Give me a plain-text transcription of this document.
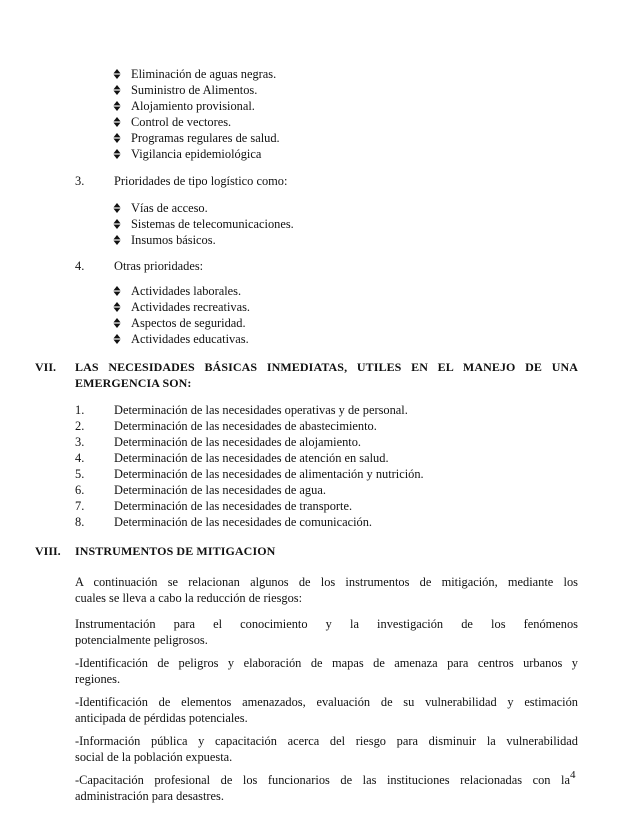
Eliminación de aguas negras.
Suministro de Alimentos.
Alojamiento provisional.
Control de vectores.
Programas regulares de salud.
Vigilancia epidemiológica
3. Prioridades de tipo logístico como:
Vías de acceso.
Sistemas de telecomunicaciones.
Insumos básicos.
4. Otras prioridades:
Actividades laborales.
Actividades recreativas.
Aspectos de seguridad.
Actividades educativas.
VII. LAS NECESIDADES BÁSICAS INMEDIATAS, UTILES EN EL MANEJO DE UNA
EMERGENCIA SON:
1. Determinación de las necesidades operativas y de personal.
2. Determinación de las necesidades de abastecimiento.
3. Determinación de las necesidades de alojamiento.
4. Determinación de las necesidades de atención en salud.
5. Determinación de las necesidades de alimentación y nutrición.
6. Determinación de las necesidades de agua.
7. Determinación de las necesidades de transporte.
8. Determinación de las necesidades de comunicación.
VIII. INSTRUMENTOS DE MITIGACION
A continuación se relacionan algunos de los instrumentos de mitigación, mediante los
cuales se lleva a cabo la reducción de riesgos:
Instrumentación para el conocimiento y la investigación de los fenómenos
potencialmente peligrosos.
-Identificación de peligros y elaboración de mapas de amenaza para centros urbanos y
regiones.
-Identificación de elementos amenazados, evaluación de su vulnerabilidad y estimación
anticipada de pérdidas potenciales.
-Información pública y capacitación acerca del riesgo para disminuir la vulnerabilidad
social de la población expuesta.
-Capacitación profesional de los funcionarios de las instituciones relacionadas con la
administración para desastres.
4
